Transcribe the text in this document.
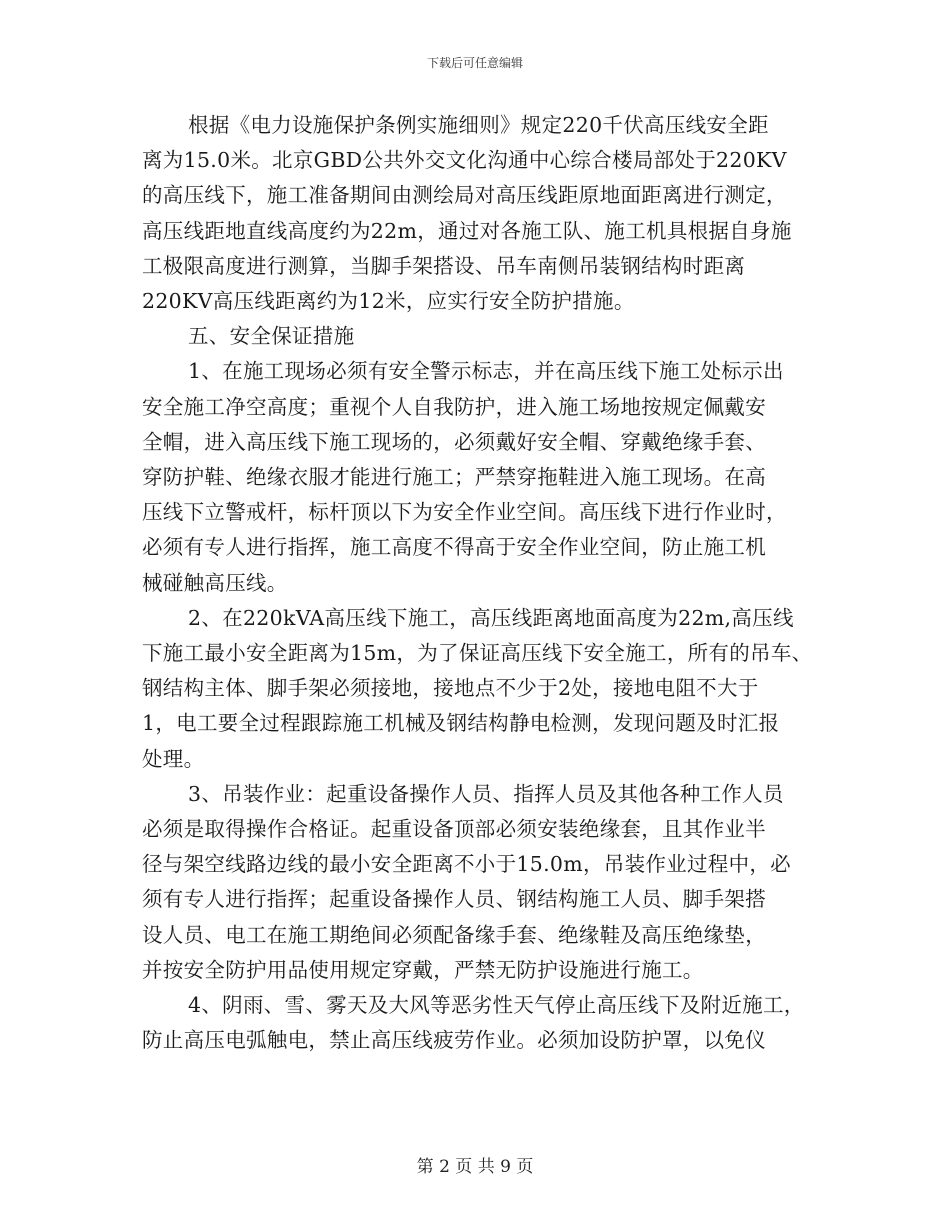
下载后可任意编辑
根据《电力设施保护条例实施细则》规定220千伏高压线安全距
离为15.0米。北京GBD公共外交文化沟通中心综合楼局部处于220KV
的高压线下，施工准备期间由测绘局对高压线距原地面距离进行测定，
高压线距地直线高度约为22m，通过对各施工队、施工机具根据自身施
工极限高度进行测算，当脚手架搭设、吊车南侧吊装钢结构时距离
220KV高压线距离约为12米，应实行安全防护措施。
五、安全保证措施
1、在施工现场必须有安全警示标志，并在高压线下施工处标示出
安全施工净空高度；重视个人自我防护，进入施工场地按规定佩戴安
全帽，进入高压线下施工现场的，必须戴好安全帽、穿戴绝缘手套、
穿防护鞋、绝缘衣服才能进行施工；严禁穿拖鞋进入施工现场。在高
压线下立警戒杆，标杆顶以下为安全作业空间。高压线下进行作业时，
必须有专人进行指挥，施工高度不得高于安全作业空间，防止施工机
械碰触高压线。
2、在220kVA高压线下施工，高压线距离地面高度为22m,高压线
下施工最小安全距离为15m，为了保证高压线下安全施工，所有的吊车、
钢结构主体、脚手架必须接地，接地点不少于2处，接地电阻不大于
1，电工要全过程跟踪施工机械及钢结构静电检测，发现问题及时汇报
处理。
3、吊装作业：起重设备操作人员、指挥人员及其他各种工作人员
必须是取得操作合格证。起重设备顶部必须安装绝缘套，且其作业半
径与架空线路边线的最小安全距离不小于15.0m，吊装作业过程中，必
须有专人进行指挥；起重设备操作人员、钢结构施工人员、脚手架搭
设人员、电工在施工期绝间必须配备缘手套、绝缘鞋及高压绝缘垫，
并按安全防护用品使用规定穿戴，严禁无防护设施进行施工。
4、阴雨、雪、雾天及大风等恶劣性天气停止高压线下及附近施工，
防止高压电弧触电，禁止高压线疲劳作业。必须加设防护罩，以免仪
第 2 页 共 9 页
